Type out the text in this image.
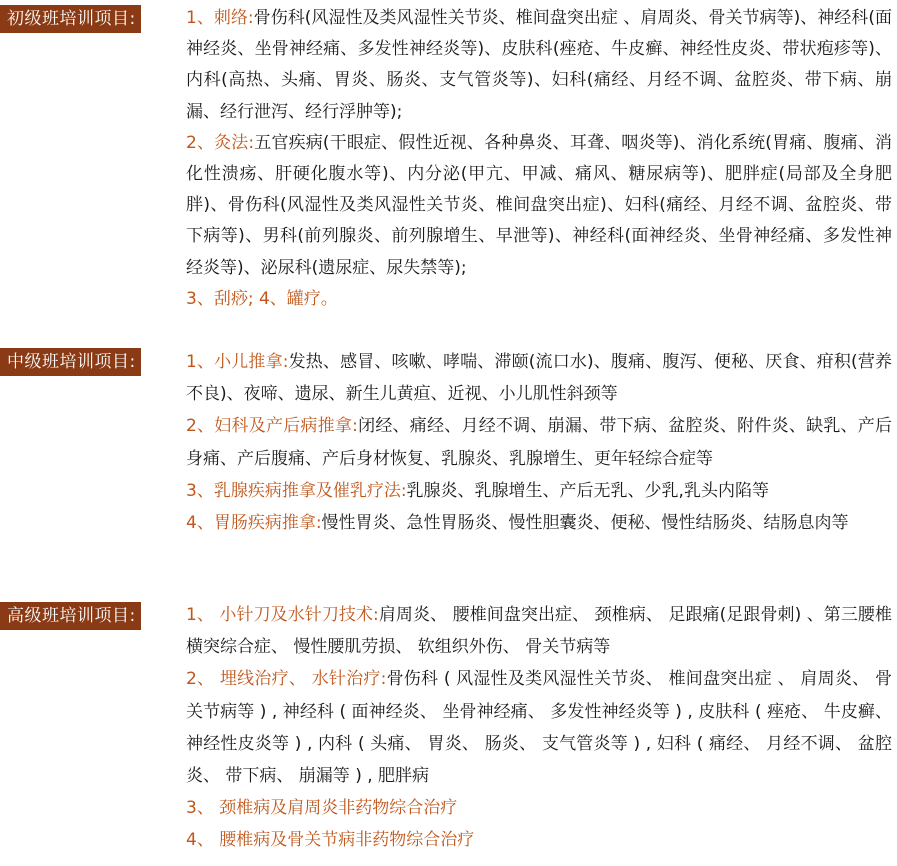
初级班培训项目:	1、刺络:骨伤科(风湿性及类风湿性关节炎、椎间盘突出症 、肩周炎、骨关节病等)、神经科(面神经炎、坐骨神经痛、多发性神经炎等)、皮肤科(痤疮、牛皮癣、神经性皮炎、带状疱疹等)、内科(高热、头痛、胃炎、肠炎、支气管炎等)、妇科(痛经、月经不调、盆腔炎、带下病、崩漏、经行泄泻、经行浮肿等);

2、灸法:五官疾病(干眼症、假性近视、各种鼻炎、耳聋、咽炎等)、消化系统(胃痛、腹痛、消化性溃疡、肝硬化腹水等)、内分泌(甲亢、甲减、痛风、糖尿病等)、肥胖症(局部及全身肥胖)、骨伤科(风湿性及类风湿性关节炎、椎间盘突出症)、妇科(痛经、月经不调、盆腔炎、带下病等)、男科(前列腺炎、前列腺增生、早泄等)、神经科(面神经炎、坐骨神经痛、多发性神经炎等)、泌尿科(遗尿症、尿失禁等);

3、刮痧; 4、罐疗。

中级班培训项目:	1、小儿推拿:发热、感冒、咳嗽、哮喘、滞颐(流口水)、腹痛、腹泻、便秘、厌食、疳积(营养不良)、夜啼、遗尿、新生儿黄疸、近视、小儿肌性斜颈等

2、妇科及产后病推拿:闭经、痛经、月经不调、崩漏、带下病、盆腔炎、附件炎、缺乳、产后身痛、产后腹痛、产后身材恢复、乳腺炎、乳腺增生、更年轻综合症等

3、乳腺疾病推拿及催乳疗法:乳腺炎、乳腺增生、产后无乳、少乳,乳头内陷等

4、胃肠疾病推拿:慢性胃炎、急性胃肠炎、慢性胆囊炎、便秘、慢性结肠炎、结肠息肉等

高级班培训项目:	1、 小针刀及水针刀技术:肩周炎、 腰椎间盘突出症、 颈椎病、 足跟痛(足跟骨刺) 、第三腰椎横突综合症、 慢性腰肌劳损、 软组织外伤、 骨关节病等

2、 埋线治疗、 水针治疗:骨伤科 ( 风湿性及类风湿性关节炎、 椎间盘突出症 、 肩周炎、 骨关节病等 ) , 神经科 ( 面神经炎、 坐骨神经痛、 多发性神经炎等 ) , 皮肤科 ( 痤疮、 牛皮癣、 神经性皮炎等 ) , 内科 ( 头痛、 胃炎、 肠炎、 支气管炎等 ) , 妇科 ( 痛经、 月经不调、 盆腔炎、 带下病、 崩漏等 ) , 肥胖病

3、 颈椎病及肩周炎非药物综合治疗

4、 腰椎病及骨关节病非药物综合治疗
